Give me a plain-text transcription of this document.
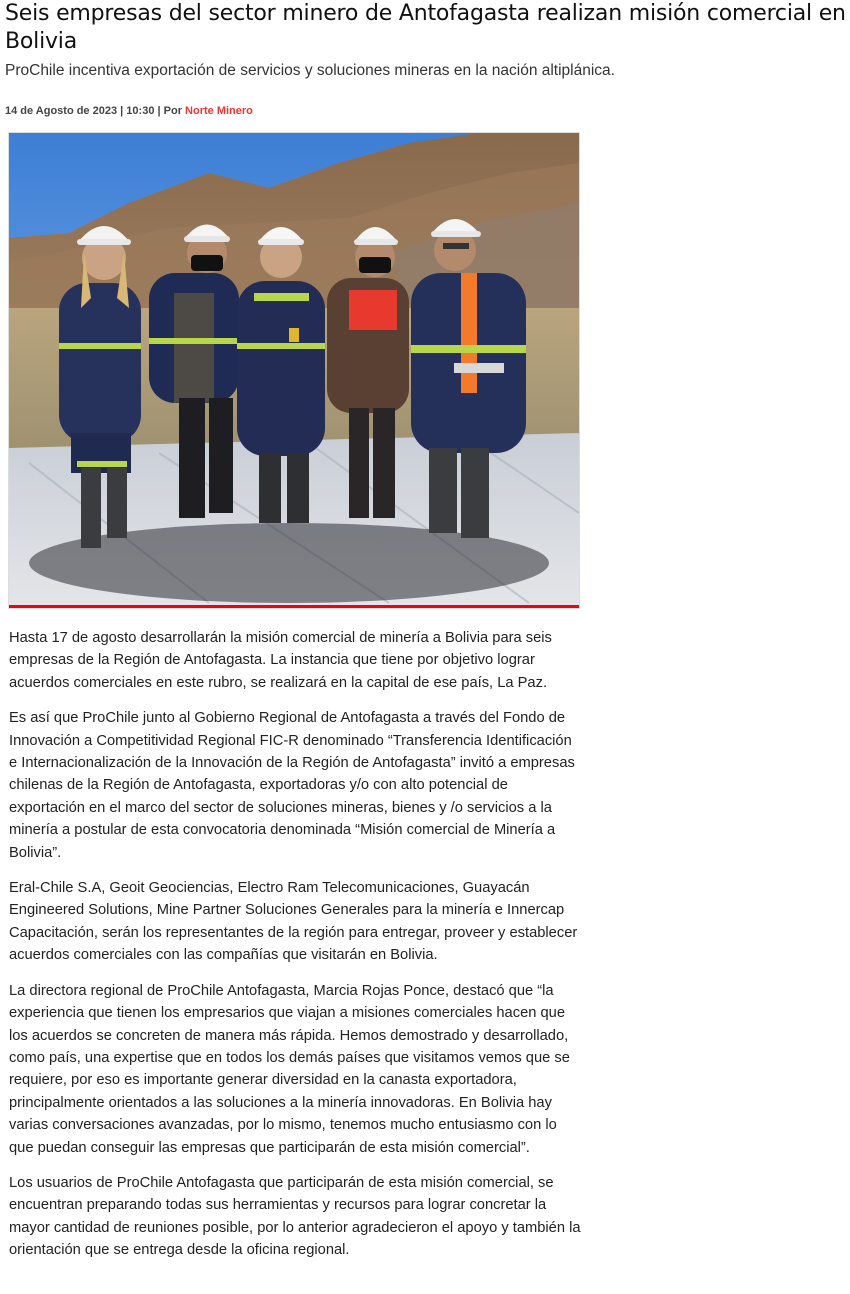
Seis empresas del sector minero de Antofagasta realizan misión comercial en Bolivia

ProChile incentiva exportación de servicios y soluciones mineras en la nación altiplánica.

14 de Agosto de 2023 | 10:30 | Por Norte Minero

Hasta 17 de agosto desarrollarán la misión comercial de minería a Bolivia para seis empresas de la Región de Antofagasta. La instancia que tiene por objetivo lograr acuerdos comerciales en este rubro, se realizará en la capital de ese país, La Paz.

Es así que ProChile junto al Gobierno Regional de Antofagasta a través del Fondo de Innovación a Competitividad Regional FIC-R denominado “Transferencia Identificación e Internacionalización de la Innovación de la Región de Antofagasta” invitó a empresas chilenas de la Región de Antofagasta, exportadoras y/o con alto potencial de exportación en el marco del sector de soluciones mineras, bienes y /o servicios a la minería a postular de esta convocatoria denominada “Misión comercial de Minería a Bolivia”.

Eral-Chile S.A, Geoit Geociencias, Electro Ram Telecomunicaciones, Guayacán Engineered Solutions, Mine Partner Soluciones Generales para la minería e Innercap Capacitación, serán los representantes de la región para entregar, proveer y establecer acuerdos comerciales con las compañías que visitarán en Bolivia.

La directora regional de ProChile Antofagasta, Marcia Rojas Ponce, destacó que “la experiencia que tienen los empresarios que viajan a misiones comerciales hacen que los acuerdos se concreten de manera más rápida. Hemos demostrado y desarrollado, como país, una expertise que en todos los demás países que visitamos vemos que se requiere, por eso es importante generar diversidad en la canasta exportadora, principalmente orientados a las soluciones a la minería innovadoras. En Bolivia hay varias conversaciones avanzadas, por lo mismo, tenemos mucho entusiasmo con lo que puedan conseguir las empresas que participarán de esta misión comercial”.

Los usuarios de ProChile Antofagasta que participarán de esta misión comercial, se encuentran preparando todas sus herramientas y recursos para lograr concretar la mayor cantidad de reuniones posible, por lo anterior agradecieron el apoyo y también la orientación que se entrega desde la oficina regional.
